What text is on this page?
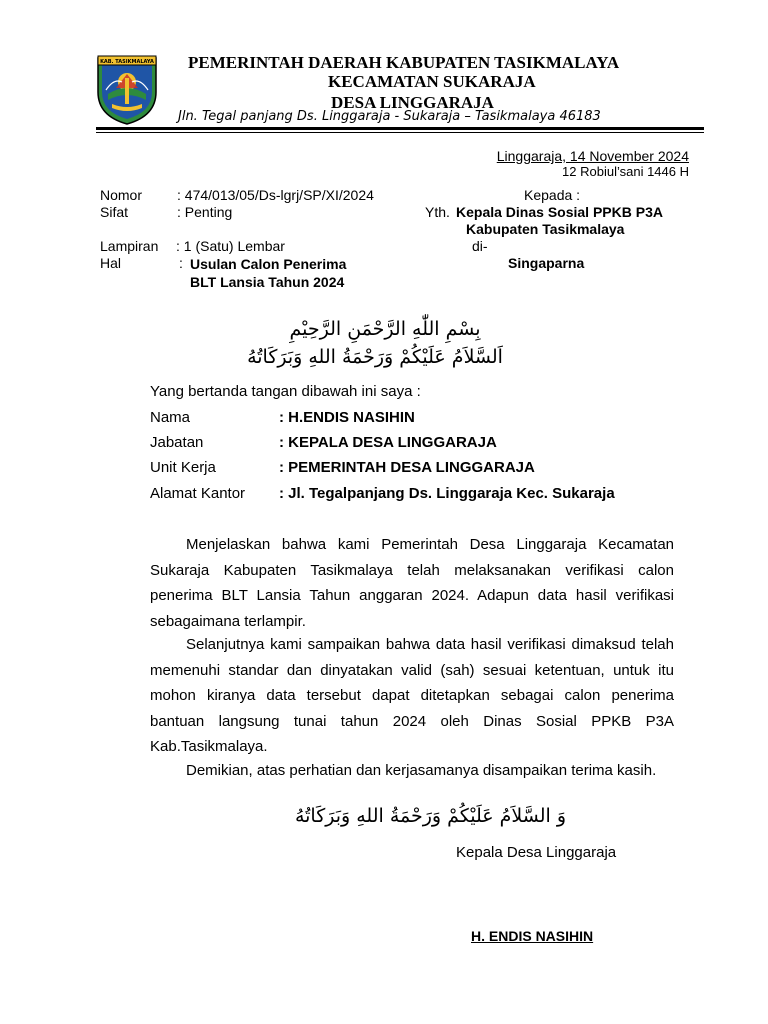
KAB. TASIKMALAYA PEMERINTAH DAERAH KABUPATEN TASIKMALAYA
KECAMATAN SUKARAJA
DESA LINGGARAJA
Jln. Tegal panjang Ds. Linggaraja - Sukaraja – Tasikmalaya 46183
Linggaraja, 14 November 2024
12 Robiul’sani 1446 H
Nomor : 474/013/05/Ds-lgrj/SP/XI/2024
Sifat	: Penting
Lampiran : 1 (Satu) Lembar
Hal	: Usulan Calon Penerima
BLT Lansia Tahun 2024
Kepada :
Yth. Kepala Dinas Sosial PPKB P3A
Kabupaten Tasikmalaya
di-
Singaparna
بِسْمِ اللّٰهِ الرَّحْمَنِ الرَّحِيْمِ
اَلسَّلاَمُ عَلَيْكُمْ وَرَحْمَةُ اللهِ وَبَرَكَاتُهُ
Yang bertanda tangan dibawah ini saya :
Nama	: H.ENDIS NASIHIN
Jabatan	: KEPALA DESA LINGGARAJA
Unit Kerja	: PEMERINTAH DESA LINGGARAJA
Alamat Kantor : Jl. Tegalpanjang Ds. Linggaraja Kec. Sukaraja
Menjelaskan bahwa kami Pemerintah Desa Linggaraja Kecamatan Sukaraja Kabupaten Tasikmalaya telah melaksanakan verifikasi calon penerima BLT Lansia Tahun anggaran 2024. Adapun data hasil verifikasi sebagaimana terlampir.
Selanjutnya kami sampaikan bahwa data hasil verifikasi dimaksud telah memenuhi standar dan dinyatakan valid (sah) sesuai ketentuan, untuk itu mohon kiranya data tersebut dapat ditetapkan sebagai calon penerima bantuan langsung tunai tahun 2024 oleh Dinas Sosial PPKB P3A Kab.Tasikmalaya.
Demikian, atas perhatian dan kerjasamanya disampaikan terima kasih.
وَ السَّلاَمُ عَلَيْكُمْ وَرَحْمَةُ اللهِ وَبَرَكَاتُهُ
Kepala Desa Linggaraja
H. ENDIS NASIHIN
